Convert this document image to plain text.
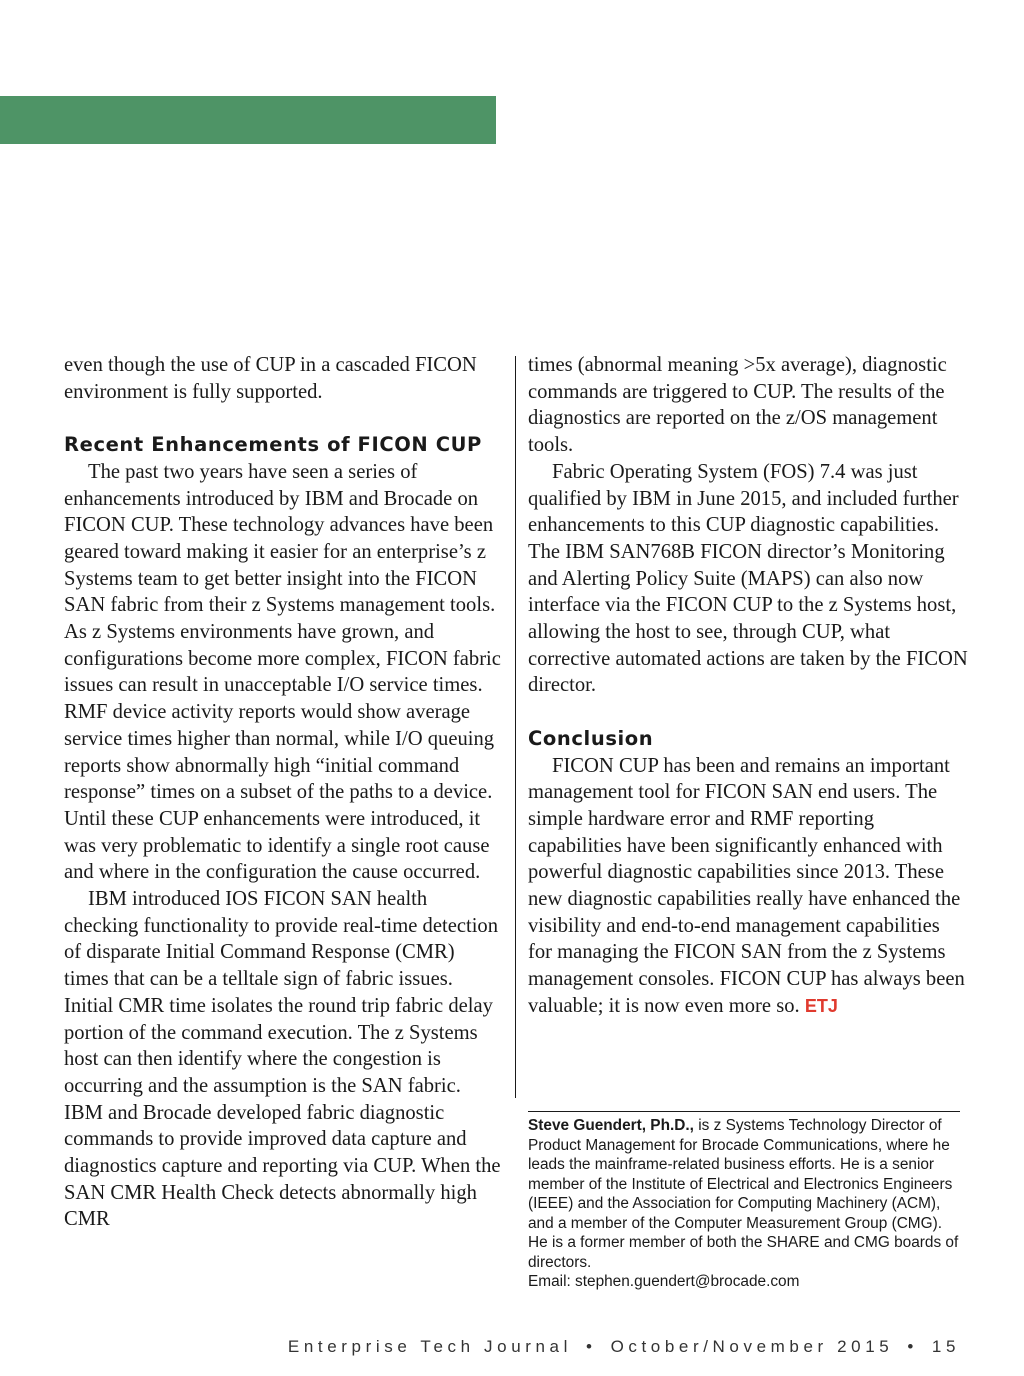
even though the use of CUP in a cascaded FICON environment is fully supported.

Recent Enhancements of FICON CUP

The past two years have seen a series of enhancements introduced by IBM and Brocade on FICON CUP. These technology advances have been geared toward making it easier for an enterprise’s z Systems team to get better insight into the FICON SAN fabric from their z Systems management tools. As z Systems environments have grown, and configurations become more complex, FICON fabric issues can result in unacceptable I/O service times. RMF device activity reports would show average service times higher than normal, while I/O queuing reports show abnormally high “initial command response” times on a subset of the paths to a device. Until these CUP enhancements were introduced, it was very problematic to identify a single root cause and where in the configuration the cause occurred.

IBM introduced IOS FICON SAN health checking functionality to provide real-time detection of disparate Initial Command Response (CMR) times that can be a telltale sign of fabric issues. Initial CMR time isolates the round trip fabric delay portion of the command execution. The z Systems host can then identify where the congestion is occurring and the assumption is the SAN fabric. IBM and Brocade developed fabric diagnostic commands to provide improved data capture and diagnostics capture and reporting via CUP. When the SAN CMR Health Check detects abnormally high CMR

times (abnormal meaning >5x average), diagnostic commands are triggered to CUP. The results of the diagnostics are reported on the z/OS management tools.

Fabric Operating System (FOS) 7.4 was just qualified by IBM in June 2015, and included further enhancements to this CUP diagnostic capabilities. The IBM SAN768B FICON director’s Monitoring and Alerting Policy Suite (MAPS) can also now interface via the FICON CUP to the z Systems host, allowing the host to see, through CUP, what corrective automated actions are taken by the FICON director.

Conclusion

FICON CUP has been and remains an important management tool for FICON SAN end users. The simple hardware error and RMF reporting capabilities have been significantly enhanced with powerful diagnostic capabilities since 2013. These new diagnostic capabilities really have enhanced the visibility and end-to-end management capabilities for managing the FICON SAN from the z Systems management consoles. FICON CUP has always been valuable; it is now even more so. ETJ

Steve Guendert, Ph.D., is z Systems Technology Director of Product Management for Brocade Communications, where he leads the mainframe-related business efforts. He is a senior member of the Institute of Electrical and Electronics Engineers (IEEE) and the Association for Computing Machinery (ACM), and a member of the Computer Measurement Group (CMG). He is a former member of both the SHARE and CMG boards of directors.
Email: stephen.guendert@brocade.com
Enterprise Tech Journal • October/November 2015 • 15
